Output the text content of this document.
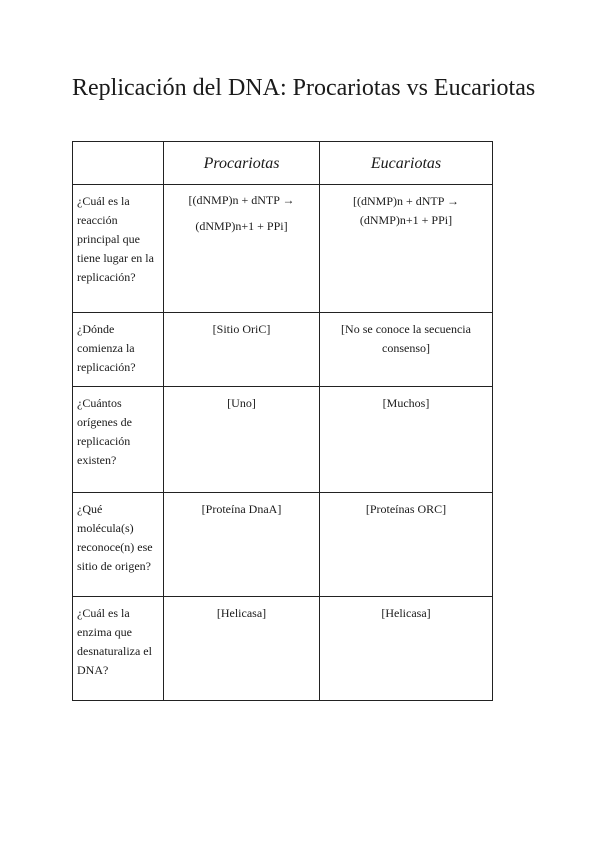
Replicación del DNA: Procariotas vs Eucariotas
	Procariotas	Eucariotas
¿Cuál es la reacción principal que tiene lugar en la replicación?	[(dNMP)n + dNTP → (dNMP)n+1 + PPi]	[(dNMP)n + dNTP → (dNMP)n+1 + PPi]
¿Dónde comienza la replicación?	[Sitio OriC]	[No se conoce la secuencia consenso]
¿Cuántos orígenes de replicación existen?	[Uno]	[Muchos]
¿Qué molécula(s) reconoce(n) ese sitio de origen?	[Proteína DnaA]	[Proteínas ORC]
¿Cuál es la enzima que desnaturaliza el DNA?	[Helicasa]	[Helicasa]
